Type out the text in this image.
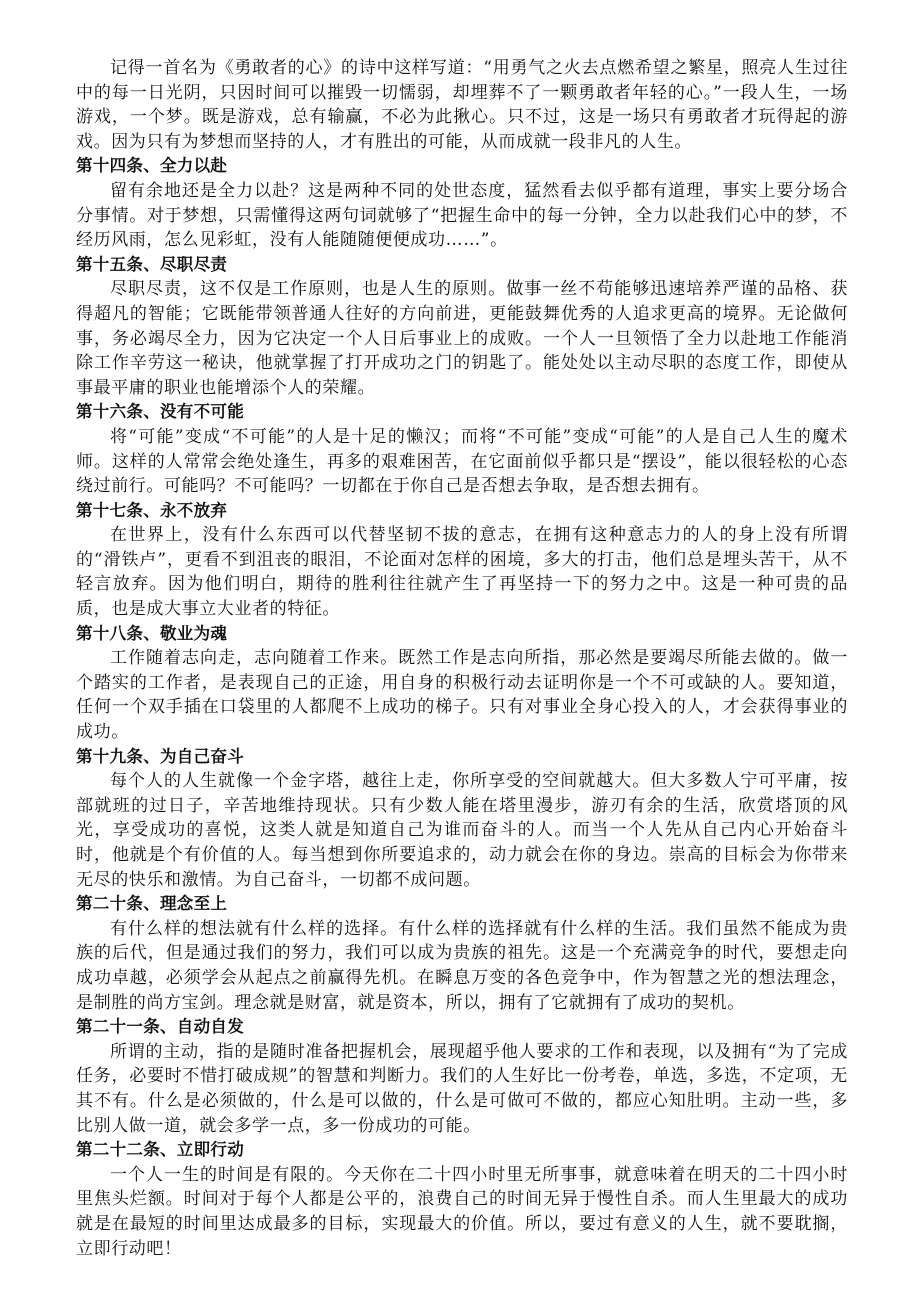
记得一首名为《勇敢者的心》的诗中这样写道：“用勇气之火去点燃希望之繁星，照亮人生过往中的每一日光阴，只因时间可以摧毁一切懦弱，却埋葬不了一颗勇敢者年轻的心。”一段人生，一场游戏，一个梦。既是游戏，总有输赢，不必为此揪心。只不过，这是一场只有勇敢者才玩得起的游戏。因为只有为梦想而坚持的人，才有胜出的可能，从而成就一段非凡的人生。

第十四条、全力以赴

留有余地还是全力以赴？这是两种不同的处世态度，猛然看去似乎都有道理，事实上要分场合分事情。对于梦想，只需懂得这两句词就够了“把握生命中的每一分钟，全力以赴我们心中的梦，不经历风雨，怎么见彩虹，没有人能随随便便成功……”。

第十五条、尽职尽责

尽职尽责，这不仅是工作原则，也是人生的原则。做事一丝不苟能够迅速培养严谨的品格、获得超凡的智能；它既能带领普通人往好的方向前进，更能鼓舞优秀的人追求更高的境界。无论做何事，务必竭尽全力，因为它决定一个人日后事业上的成败。一个人一旦领悟了全力以赴地工作能消除工作辛劳这一秘诀，他就掌握了打开成功之门的钥匙了。能处处以主动尽职的态度工作，即使从事最平庸的职业也能增添个人的荣耀。

第十六条、没有不可能

将“可能”变成“不可能”的人是十足的懒汉；而将“不可能”变成“可能”的人是自己人生的魔术师。这样的人常常会绝处逢生，再多的艰难困苦，在它面前似乎都只是“摆设”，能以很轻松的心态绕过前行。可能吗？不可能吗？一切都在于你自己是否想去争取，是否想去拥有。

第十七条、永不放弃

在世界上，没有什么东西可以代替坚韧不拔的意志，在拥有这种意志力的人的身上没有所谓的“滑铁卢”，更看不到沮丧的眼泪，不论面对怎样的困境，多大的打击，他们总是埋头苦干，从不轻言放弃。因为他们明白，期待的胜利往往就产生了再坚持一下的努力之中。这是一种可贵的品质，也是成大事立大业者的特征。

第十八条、敬业为魂

工作随着志向走，志向随着工作来。既然工作是志向所指，那必然是要竭尽所能去做的。做一个踏实的工作者，是表现自己的正途，用自身的积极行动去证明你是一个不可或缺的人。要知道，任何一个双手插在口袋里的人都爬不上成功的梯子。只有对事业全身心投入的人，才会获得事业的成功。

第十九条、为自己奋斗

每个人的人生就像一个金字塔，越往上走，你所享受的空间就越大。但大多数人宁可平庸，按部就班的过日子，辛苦地维持现状。只有少数人能在塔里漫步，游刃有余的生活，欣赏塔顶的风光，享受成功的喜悦，这类人就是知道自己为谁而奋斗的人。而当一个人先从自己内心开始奋斗时，他就是个有价值的人。每当想到你所要追求的，动力就会在你的身边。崇高的目标会为你带来无尽的快乐和激情。为自己奋斗，一切都不成问题。

第二十条、理念至上

有什么样的想法就有什么样的选择。有什么样的选择就有什么样的生活。我们虽然不能成为贵族的后代，但是通过我们的努力，我们可以成为贵族的祖先。这是一个充满竞争的时代，要想走向成功卓越，必须学会从起点之前赢得先机。在瞬息万变的各色竞争中，作为智慧之光的想法理念，是制胜的尚方宝剑。理念就是财富，就是资本，所以，拥有了它就拥有了成功的契机。

第二十一条、自动自发

所谓的主动，指的是随时准备把握机会，展现超乎他人要求的工作和表现，以及拥有“为了完成任务，必要时不惜打破成规”的智慧和判断力。我们的人生好比一份考卷，单选，多选，不定项，无其不有。什么是必须做的，什么是可以做的，什么是可做可不做的，都应心知肚明。主动一些，多比别人做一道，就会多学一点，多一份成功的可能。

第二十二条、立即行动

一个人一生的时间是有限的。今天你在二十四小时里无所事事，就意味着在明天的二十四小时里焦头烂额。时间对于每个人都是公平的，浪费自己的时间无异于慢性自杀。而人生里最大的成功就是在最短的时间里达成最多的目标，实现最大的价值。所以，要过有意义的人生，就不要耽搁，立即行动吧！
